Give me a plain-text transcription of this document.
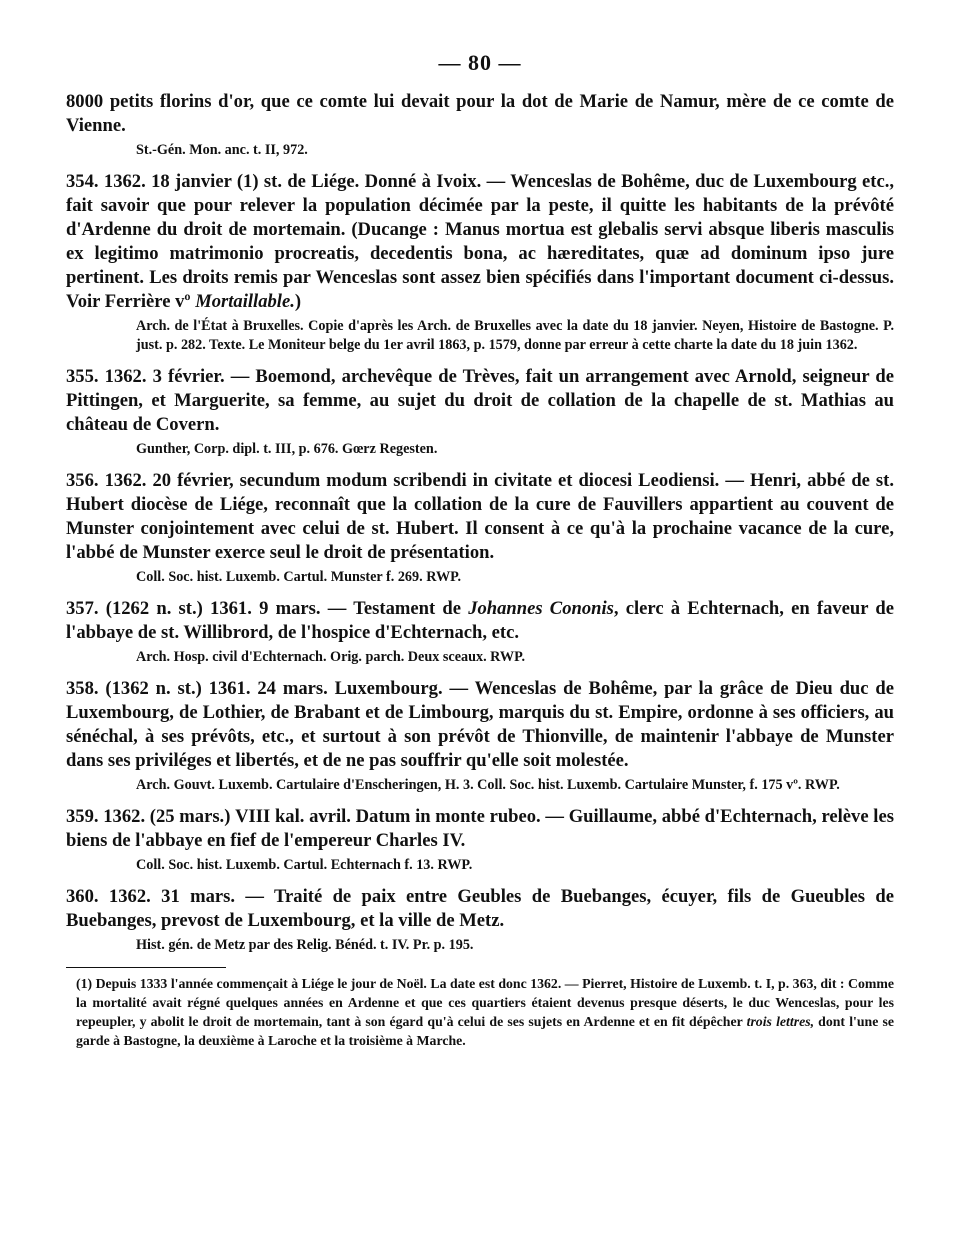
— 80 —

8000 petits florins d'or, que ce comte lui devait pour la dot de Marie de Namur, mère de ce comte de Vienne.

St.-Gén. Mon. anc. t. II, 972.

354. 1362. 18 janvier (1) st. de Liége. Donné à Ivoix. — Wenceslas de Bohême, duc de Luxembourg etc., fait savoir que pour relever la population décimée par la peste, il quitte les habitants de la prévôté d'Ardenne du droit de mortemain. (Ducange : Manus mortua est glebalis servi absque liberis masculis ex legitimo matrimonio procreatis, decedentis bona, ac hæreditates, quæ ad dominum ipso jure pertinent. Les droits remis par Wenceslas sont assez bien spécifiés dans l'important document ci-dessus. Voir Ferrière vº Mortaillable.)

Arch. de l'État à Bruxelles. Copie d'après les Arch. de Bruxelles avec la date du 18 janvier. Neyen, Histoire de Bastogne. P. just. p. 282. Texte. Le Moniteur belge du 1er avril 1863, p. 1579, donne par erreur à cette charte la date du 18 juin 1362.

355. 1362. 3 février. — Boemond, archevêque de Trèves, fait un arrangement avec Arnold, seigneur de Pittingen, et Marguerite, sa femme, au sujet du droit de collation de la chapelle de st. Mathias au château de Covern.

Gunther, Corp. dipl. t. III, p. 676. Gœrz Regesten.

356. 1362. 20 février, secundum modum scribendi in civitate et diocesi Leodiensi. — Henri, abbé de st. Hubert diocèse de Liége, reconnaît que la collation de la cure de Fauvillers appartient au couvent de Munster conjointement avec celui de st. Hubert. Il consent à ce qu'à la prochaine vacance de la cure, l'abbé de Munster exerce seul le droit de présentation.

Coll. Soc. hist. Luxemb. Cartul. Munster f. 269. RWP.

357. (1262 n. st.) 1361. 9 mars. — Testament de Johannes Cononis, clerc à Echternach, en faveur de l'abbaye de st. Willibrord, de l'hospice d'Echternach, etc.

Arch. Hosp. civil d'Echternach. Orig. parch. Deux sceaux. RWP.

358. (1362 n. st.) 1361. 24 mars. Luxembourg. — Wenceslas de Bohême, par la grâce de Dieu duc de Luxembourg, de Lothier, de Brabant et de Limbourg, marquis du st. Empire, ordonne à ses officiers, au sénéchal, à ses prévôts, etc., et surtout à son prévôt de Thionville, de maintenir l'abbaye de Munster dans ses priviléges et libertés, et de ne pas souffrir qu'elle soit molestée.

Arch. Gouvt. Luxemb. Cartulaire d'Enscheringen, H. 3. Coll. Soc. hist. Luxemb. Cartulaire Munster, f. 175 vº. RWP.

359. 1362. (25 mars.) VIII kal. avril. Datum in monte rubeo. — Guillaume, abbé d'Echternach, relève les biens de l'abbaye en fief de l'empereur Charles IV.

Coll. Soc. hist. Luxemb. Cartul. Echternach f. 13. RWP.

360. 1362. 31 mars. — Traité de paix entre Geubles de Buebanges, écuyer, fils de Gueubles de Buebanges, prevost de Luxembourg, et la ville de Metz.

Hist. gén. de Metz par des Relig. Bénéd. t. IV. Pr. p. 195.

(1) Depuis 1333 l'année commençait à Liége le jour de Noël. La date est donc 1362. — Pierret, Histoire de Luxemb. t. I, p. 363, dit : Comme la mortalité avait régné quelques années en Ardenne et que ces quartiers étaient devenus presque déserts, le duc Wenceslas, pour les repeupler, y abolit le droit de mortemain, tant à son égard qu'à celui de ses sujets en Ardenne et en fit dépêcher trois lettres, dont l'une se garde à Bastogne, la deuxième à Laroche et la troisième à Marche.
